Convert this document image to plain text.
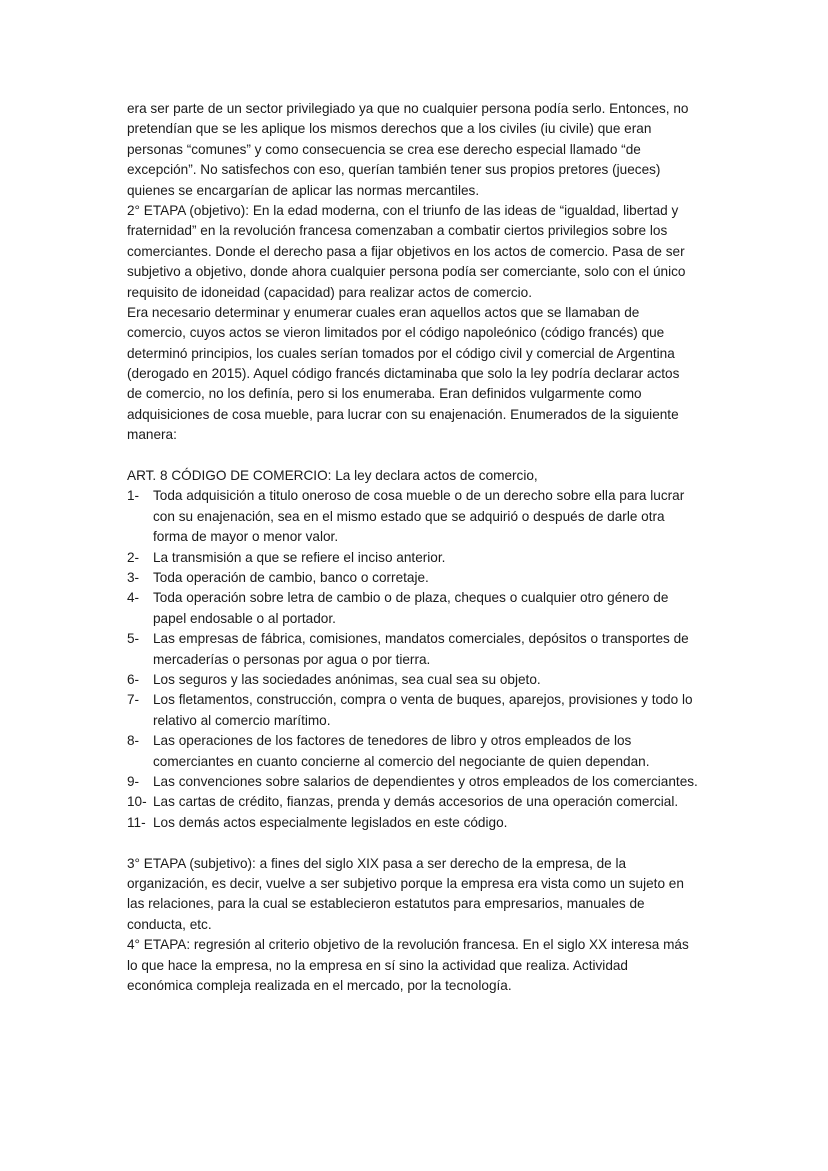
era ser parte de un sector privilegiado ya que no cualquier persona podía serlo. Entonces, no
pretendían que se les aplique los mismos derechos que a los civiles (iu civile) que eran
personas “comunes” y como consecuencia se crea ese derecho especial llamado “de
excepción”. No satisfechos con eso, querían también tener sus propios pretores (jueces)
quienes se encargarían de aplicar las normas mercantiles.
2° ETAPA (objetivo): En la edad moderna, con el triunfo de las ideas de “igualdad, libertad y
fraternidad” en la revolución francesa comenzaban a combatir ciertos privilegios sobre los
comerciantes. Donde el derecho pasa a fijar objetivos en los actos de comercio. Pasa de ser
subjetivo a objetivo, donde ahora cualquier persona podía ser comerciante, solo con el único
requisito de idoneidad (capacidad) para realizar actos de comercio.
Era necesario determinar y enumerar cuales eran aquellos actos que se llamaban de
comercio, cuyos actos se vieron limitados por el código napoleónico (código francés) que
determinó principios, los cuales serían tomados por el código civil y comercial de Argentina
(derogado en 2015). Aquel código francés dictaminaba que solo la ley podría declarar actos
de comercio, no los definía, pero si los enumeraba. Eran definidos vulgarmente como
adquisiciones de cosa mueble, para lucrar con su enajenación. Enumerados de la siguiente
manera:
ART. 8 CÓDIGO DE COMERCIO: La ley declara actos de comercio,
1-	Toda adquisición a titulo oneroso de cosa mueble o de un derecho sobre ella para lucrar
con su enajenación, sea en el mismo estado que se adquirió o después de darle otra
forma de mayor o menor valor.
2-	La transmisión a que se refiere el inciso anterior.
3-	Toda operación de cambio, banco o corretaje.
4-	Toda operación sobre letra de cambio o de plaza, cheques o cualquier otro género de
papel endosable o al portador.
5-	Las empresas de fábrica, comisiones, mandatos comerciales, depósitos o transportes de
mercaderías o personas por agua o por tierra.
6-	Los seguros y las sociedades anónimas, sea cual sea su objeto.
7-	Los fletamentos, construcción, compra o venta de buques, aparejos, provisiones y todo lo
relativo al comercio marítimo.
8-	Las operaciones de los factores de tenedores de libro y otros empleados de los
comerciantes en cuanto concierne al comercio del negociante de quien dependan.
9-	Las convenciones sobre salarios de dependientes y otros empleados de los comerciantes.
10- Las cartas de crédito, fianzas, prenda y demás accesorios de una operación comercial.
11- Los demás actos especialmente legislados en este código.
3° ETAPA (subjetivo): a fines del siglo XIX pasa a ser derecho de la empresa, de la
organización, es decir, vuelve a ser subjetivo porque la empresa era vista como un sujeto en
las relaciones, para la cual se establecieron estatutos para empresarios, manuales de
conducta, etc.
4° ETAPA: regresión al criterio objetivo de la revolución francesa. En el siglo XX interesa más
lo que hace la empresa, no la empresa en sí sino la actividad que realiza. Actividad
económica compleja realizada en el mercado, por la tecnología.
